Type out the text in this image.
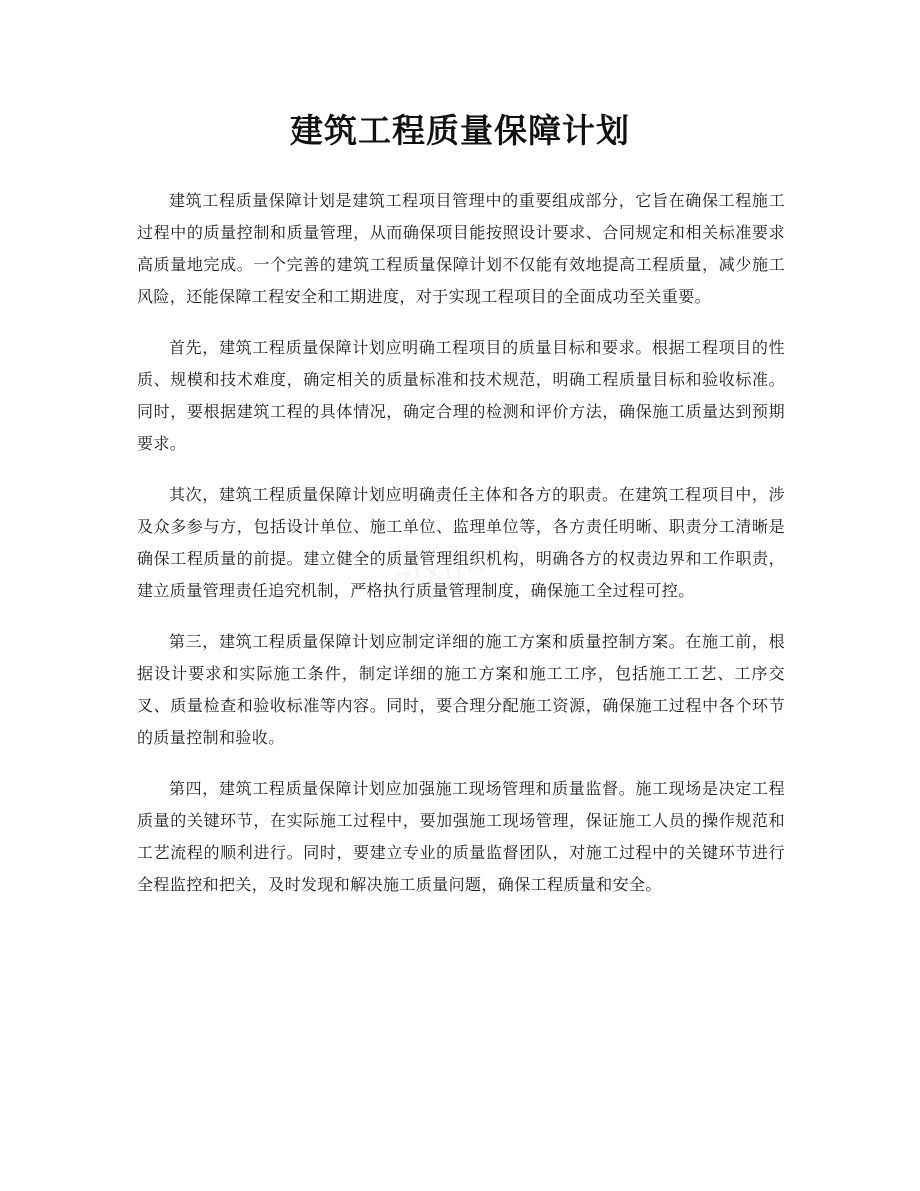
建筑工程质量保障计划
zixin.cn

建筑工程质量保障计划是建筑工程项目管理中的重要组成部分，它旨在确保工程施工过程中的质量控制和质量管理，从而确保项目能按照设计要求、合同规定和相关标准要求高质量地完成。一个完善的建筑工程质量保障计划不仅能有效地提高工程质量，减少施工风险，还能保障工程安全和工期进度，对于实现工程项目的全面成功至关重要。

首先，建筑工程质量保障计划应明确工程项目的质量目标和要求。根据工程项目的性质、规模和技术难度，确定相关的质量标准和技术规范，明确工程质量目标和验收标准。同时，要根据建筑工程的具体情况，确定合理的检测和评价方法，确保施工质量达到预期要求。

其次，建筑工程质量保障计划应明确责任主体和各方的职责。在建筑工程项目中，涉及众多参与方，包括设计单位、施工单位、监理单位等，各方责任明晰、职责分工清晰是确保工程质量的前提。建立健全的质量管理组织机构，明确各方的权责边界和工作职责，建立质量管理责任追究机制，严格执行质量管理制度，确保施工全过程可控。

第三，建筑工程质量保障计划应制定详细的施工方案和质量控制方案。在施工前，根据设计要求和实际施工条件，制定详细的施工方案和施工工序，包括施工工艺、工序交叉、质量检查和验收标准等内容。同时，要合理分配施工资源，确保施工过程中各个环节的质量控制和验收。

第四，建筑工程质量保障计划应加强施工现场管理和质量监督。施工现场是决定工程质量的关键环节，在实际施工过程中，要加强施工现场管理，保证施工人员的操作规范和工艺流程的顺利进行。同时，要建立专业的质量监督团队，对施工过程中的关键环节进行全程监控和把关，及时发现和解决施工质量问题，确保工程质量和安全。
